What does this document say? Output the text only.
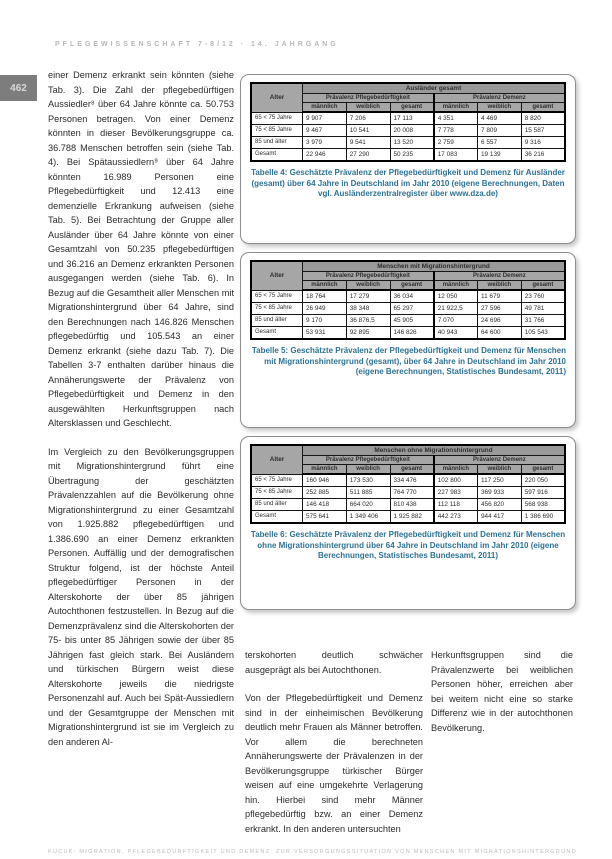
PFLEGEWISSENSCHAFT 7-8/12 · 14. JAHRGANG
462

einer Demenz erkrankt sein könnten (siehe Tab. 3). Die Zahl der pflegebedürftigen Aussiedler⁸ über 64 Jahre könnte ca. 50.753 Personen betragen. Von einer Demenz könnten in dieser Bevölkerungsgruppe ca. 36.788 Menschen betroffen sein (siehe Tab. 4). Bei Spätaussiedlern⁹ über 64 Jahre könnten 16.989 Personen eine Pflegebedürftigkeit und 12.413 eine demenzielle Erkrankung aufweisen (siehe Tab. 5). Bei Betrachtung der Gruppe aller Ausländer über 64 Jahre könnte von einer Gesamtzahl von 50.235 pflegebedürftigen und 36.216 an Demenz erkrankten Personen ausgegangen werden (siehe Tab. 6). In Bezug auf die Gesamtheit aller Menschen mit Migrationshintergrund über 64 Jahre, sind den Berechnungen nach 146.826 Menschen pflegebedürftig und 105.543 an einer Demenz erkrankt (siehe dazu Tab. 7). Die Tabellen 3-7 enthalten darüber hinaus die Annäherungswerte der Prävalenz von Pflegebedürftigkeit und Demenz in den ausgewählten Herkunftsgruppen nach Altersklassen und Geschlecht.

Im Vergleich zu den Bevölkerungsgruppen mit Migrationshintergrund führt eine Übertragung der geschätzten Prävalenzzahlen auf die Bevölkerung ohne Migrationshintergrund zu einer Gesamtzahl von 1.925.882 pflegebedürftigen und 1.386.690 an einer Demenz erkrankten Personen. Auffällig und der demografischen Struktur folgend, ist der höchste Anteil pflegebedürftiger Personen in der Alterskohorte der über 85 jährigen Autochthonen festzustellen. In Bezug auf die Demenzprävalenz sind die Alterskohorten der 75- bis unter 85 Jährigen sowie der über 85 Jährigen fast gleich stark. Bei Ausländern und türkischen Bürgern weist diese Alterskohorte jeweils die niedrigste Personenzahl auf. Auch bei Spät-Aussiedlern und der Gesamtgruppe der Menschen mit Migrationshintergrund ist sie im Vergleich zu den anderen Al-

Alter	Ausländer gesamt					
	Prävalenz Pflegebedürftigkeit			Prävalenz Demenz		
	männlich	weiblich	gesamt	männlich	weiblich	gesamt
65 < 75 Jahre	9 907	7 206	17 113	4 351	4 469	8 820
75 < 85 Jahre	9 467	10 541	20 008	7 778	7 809	15 587
85 und älter	3 979	9 541	13 520	2 759	6 557	9 316
Gesamt	22 946	27 290	50 235	17 083	19 139	36 216
Tabelle 4: Geschätzte Prävalenz der Pflegebedürftigkeit und Demenz für Ausländer (gesamt) über 64 Jahre in Deutschland im Jahr 2010 (eigene Berechnungen, Daten vgl. Ausländerzentralregister über www.dza.de)
Alter	Menschen mit Migrationshintergrund					
	Prävalenz Pflegebedürftigkeit			Prävalenz Demenz		
	männlich	weiblich	gesamt	männlich	weiblich	gesamt
65 < 75 Jahre	18 764	17 279	36 034	12 050	11 679	23 760
75 < 85 Jahre	26 949	38 348	65 297	21 922,5	27 596	49 781
85 und älter	9 170	36 876,5	45 905	7 070	24 696	31 766
Gesamt	53 931	92 895	146 826	40 943	64 600	105 543
Tabelle 5: Geschätzte Prävalenz der Pflegebedürftigkeit und Demenz für Menschen mit Migrationshintergrund (gesamt), über 64 Jahre in Deutschland im Jahr 2010 (eigene Berechnungen, Statistisches Bundesamt, 2011)
Alter	Menschen ohne Migrationshintergrund					
	Prävalenz Pflegebedürftigkeit			Prävalenz Demenz		
	männlich	weiblich	gesamt	männlich	weiblich	gesamt
65 < 75 Jahre	160 946	173 530	334 476	102 800	117 250	220 050
75 < 85 Jahre	252 885	511 885	764 770	227 983	369 933	597 916
85 und älter	146 418	664 020	810 438	112 118	456 820	568 938
Gesamt	575 641	1 349 406	1 925 882	442 273	944 417	1 386 690
Tabelle 6: Geschätzte Prävalenz der Pflegebedürftigkeit und Demenz für Menschen ohne Migrationshintergrund über 64 Jahre in Deutschland im Jahr 2010 (eigene Berechnungen, Statistisches Bundesamt, 2011)

terskohorten deutlich schwächer ausgeprägt als bei Autochthonen.

Von der Pflegebedürftigkeit und Demenz sind in der einheimischen Bevölkerung deutlich mehr Frauen als Männer betroffen. Vor allem die berechneten Annäherungswerte der Prävalenzen in der Bevölkerungsgruppe türkischer Bürger weisen auf eine umgekehrte Verlagerung hin. Hierbei sind mehr Männer pflegebedürftig bzw. an einer Demenz erkrankt. In den anderen untersuchten

Herkunftsgruppen sind die Prävalenzwerte bei weiblichen Personen höher, erreichen aber bei weitem nicht eine so starke Differenz wie in der autochthonen Bevölkerung.

KÜCÜK: MIGRATION, PFLEGEBEDÜRFTIGKEIT UND DEMENZ: ZUR VERSORGUNGSSITUATION VON MENSCHEN MIT MIGRATIONSHINTERGRUND
